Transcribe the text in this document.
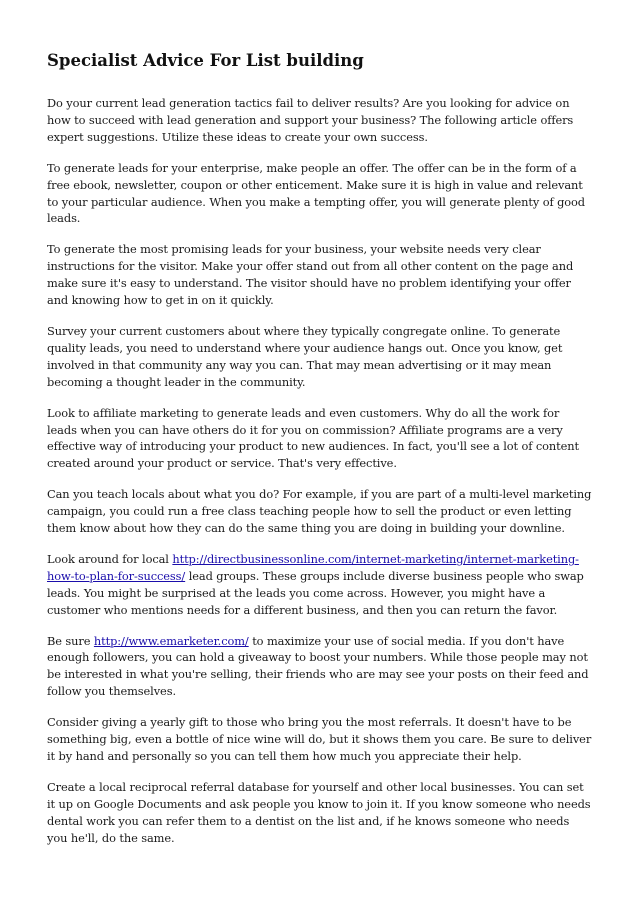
Specialist Advice For List building

Do your current lead generation tactics fail to deliver results? Are you looking for advice on how to succeed with lead generation and support your business? The following article offers expert suggestions. Utilize these ideas to create your own success.

To generate leads for your enterprise, make people an offer. The offer can be in the form of a free ebook, newsletter, coupon or other enticement. Make sure it is high in value and relevant to your particular audience. When you make a tempting offer, you will generate plenty of good leads.

To generate the most promising leads for your business, your website needs very clear instructions for the visitor. Make your offer stand out from all other content on the page and make sure it's easy to understand. The visitor should have no problem identifying your offer and knowing how to get in on it quickly.

Survey your current customers about where they typically congregate online. To generate quality leads, you need to understand where your audience hangs out. Once you know, get involved in that community any way you can. That may mean advertising or it may mean becoming a thought leader in the community.

Look to affiliate marketing to generate leads and even customers. Why do all the work for leads when you can have others do it for you on commission? Affiliate programs are a very effective way of introducing your product to new audiences. In fact, you'll see a lot of content created around your product or service. That's very effective.

Can you teach locals about what you do? For example, if you are part of a multi-level marketing campaign, you could run a free class teaching people how to sell the product or even letting them know about how they can do the same thing you are doing in building your downline.

Look around for local http://directbusinessonline.com/internet-marketing/internet-marketing-how-to-plan-for-success/ lead groups. These groups include diverse business people who swap leads. You might be surprised at the leads you come across. However, you might have a customer who mentions needs for a different business, and then you can return the favor.

Be sure http://www.emarketer.com/ to maximize your use of social media. If you don't have enough followers, you can hold a giveaway to boost your numbers. While those people may not be interested in what you're selling, their friends who are may see your posts on their feed and follow you themselves.

Consider giving a yearly gift to those who bring you the most referrals. It doesn't have to be something big, even a bottle of nice wine will do, but it shows them you care. Be sure to deliver it by hand and personally so you can tell them how much you appreciate their help.

Create a local reciprocal referral database for yourself and other local businesses. You can set it up on Google Documents and ask people you know to join it. If you know someone who needs dental work you can refer them to a dentist on the list and, if he knows someone who needs you he'll, do the same.
